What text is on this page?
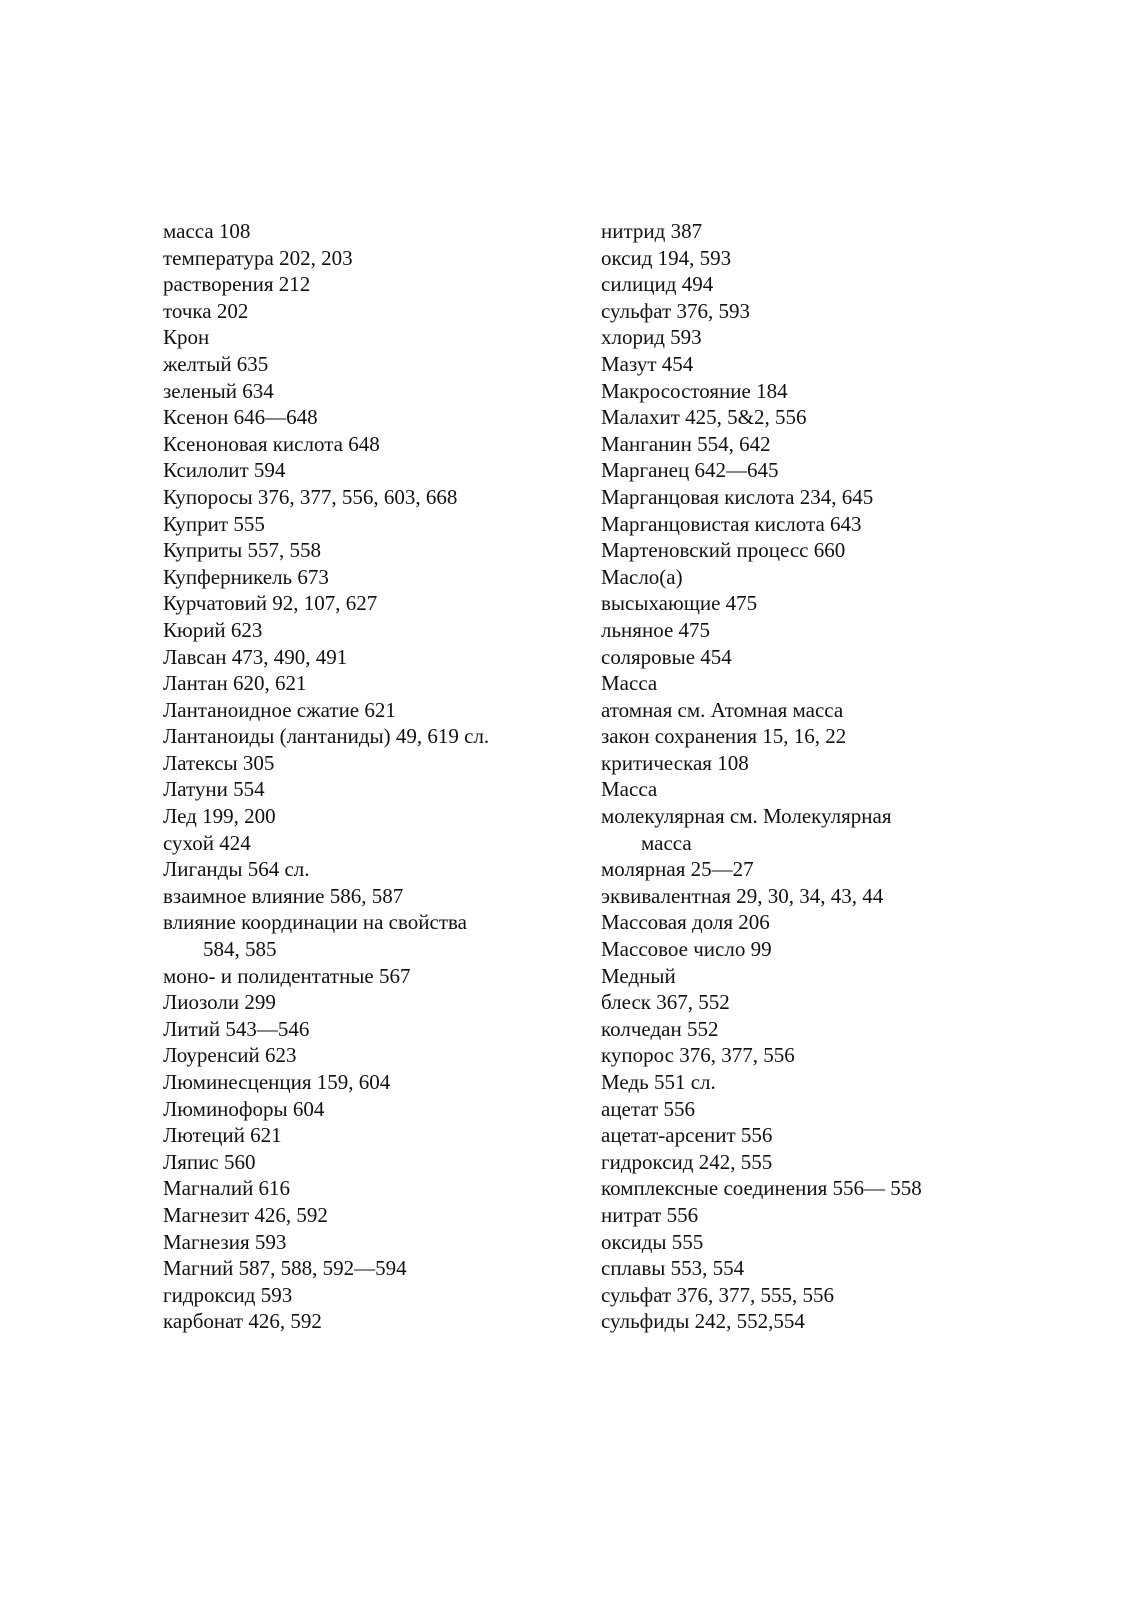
масса 108

температура 202, 203

растворения 212

точка 202

Крон

желтый 635

зеленый 634

Ксенон 646—648

Ксеноновая кислота 648

Ксилолит 594

Купоросы 376, 377, 556, 603, 668

Куприт 555

Куприты 557, 558

Купферникель 673

Курчатовий 92, 107, 627

Кюрий 623

Лавсан 473, 490, 491

Лантан 620, 621

Лантаноидное сжатие 621

Лантаноиды (лантаниды) 49, 619 сл.

Латексы 305

Латуни 554

Лед 199, 200

сухой 424

Лиганды 564 сл.

взаимное влияние 586, 587

влияние координации на свойства

584, 585

моно- и полидентатные 567

Лиозоли 299

Литий 543—546

Лоуренсий 623

Люминесценция 159, 604

Люминофоры 604

Лютеций 621

Ляпис 560

Магналий 616

Магнезит 426, 592

Магнезия 593

Магний 587, 588, 592—594

гидроксид 593

карбонат 426, 592

нитрид 387

оксид 194, 593

силицид 494

сульфат 376, 593

хлорид 593

Мазут 454

Макросостояние 184

Малахит 425, 5&2, 556

Манганин 554, 642

Марганец 642—645

Марганцовая кислота 234, 645

Марганцовистая кислота 643

Мартеновский процесс 660

Масло(а)

высыхающие 475

льняное 475

соляровые 454

Масса

атомная см. Атомная масса

закон сохранения 15, 16, 22

критическая 108

Масса

молекулярная см. Молекулярная

масса

молярная 25—27

эквивалентная 29, 30, 34, 43, 44

Массовая доля 206

Массовое число 99

Медный

блеск 367, 552

колчедан 552

купорос 376, 377, 556

Медь 551 сл.

ацетат 556

ацетат-арсенит 556

гидроксид 242, 555

комплексные соединения 556— 558

нитрат 556

оксиды 555

сплавы 553, 554

сульфат 376, 377, 555, 556

сульфиды 242, 552,554
